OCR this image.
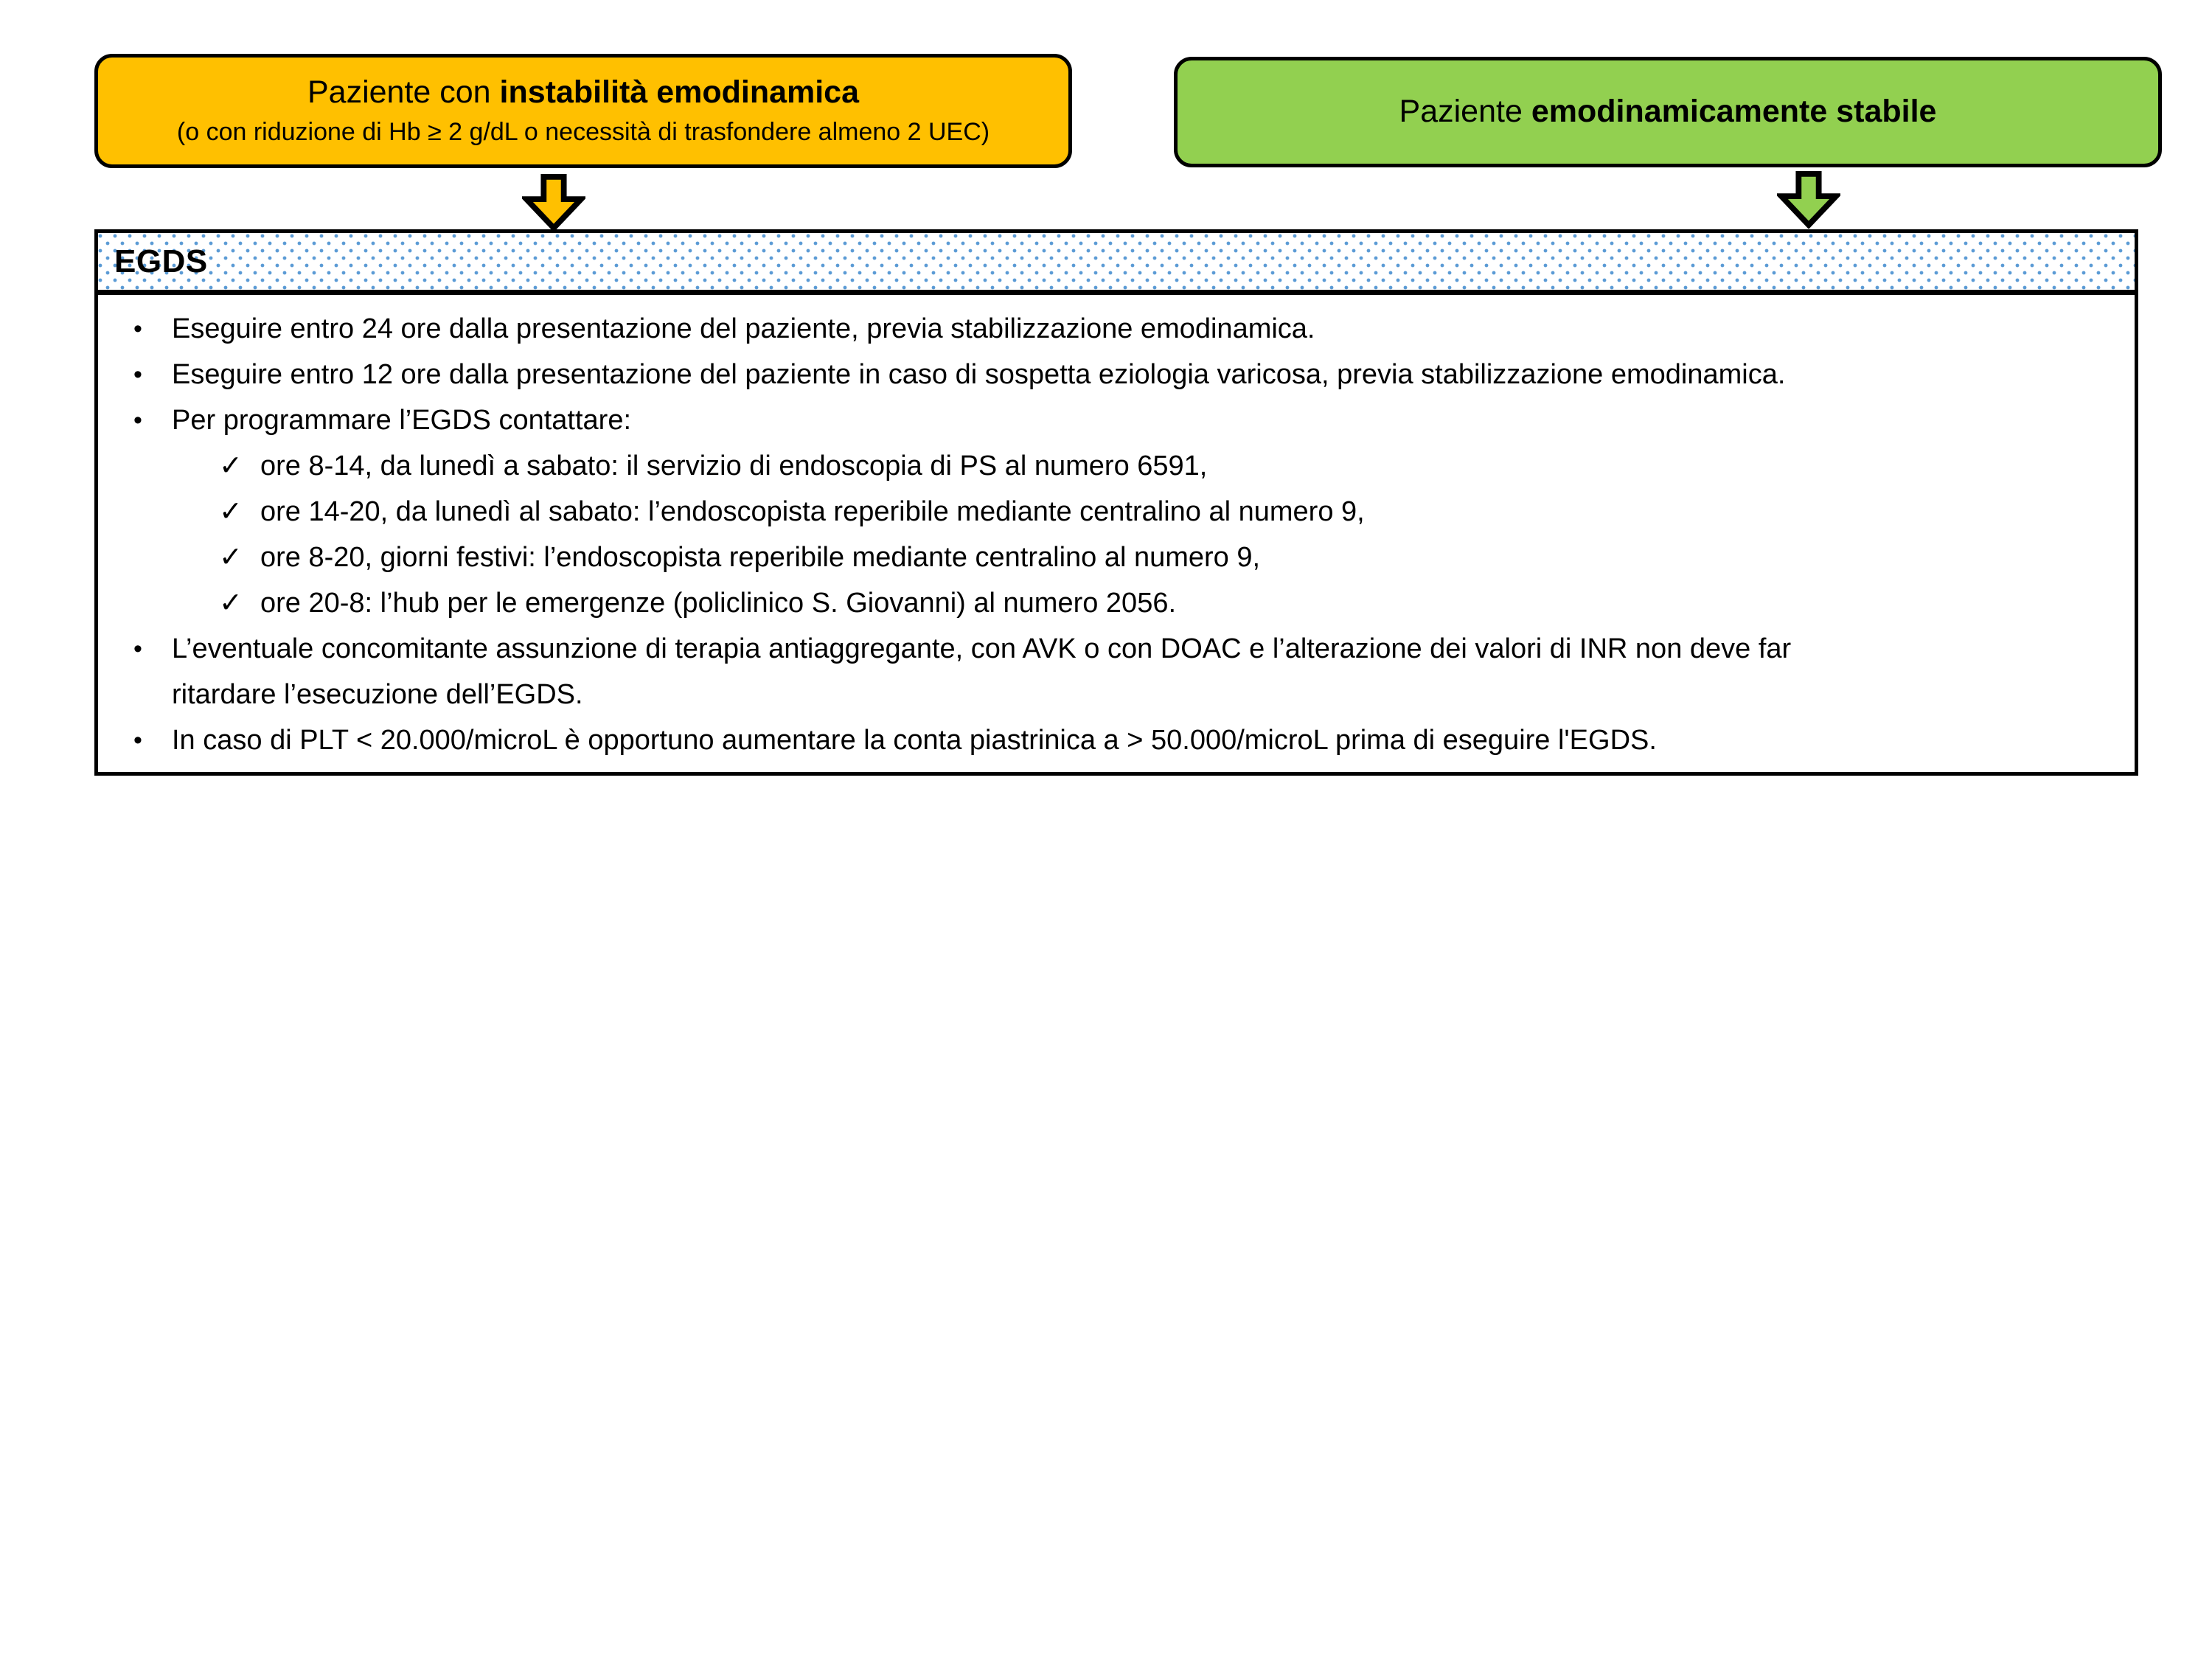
Paziente con instabilità emodinamica
(o con riduzione di Hb ≥ 2 g/dL o necessità di trasfondere almeno 2 UEC)
Paziente emodinamicamente stabile
EGDS
•	Eseguire entro 24 ore dalla presentazione del paziente, previa stabilizzazione emodinamica.
•	Eseguire entro 12 ore dalla presentazione del paziente in caso di sospetta eziologia varicosa, previa stabilizzazione emodinamica.
•	Per programmare l’EGDS contattare:
✓ ore 8-14, da lunedì a sabato: il servizio di endoscopia di PS al numero 6591,
✓ ore 14-20, da lunedì al sabato: l’endoscopista reperibile mediante centralino al numero 9,
✓ ore 8-20, giorni festivi: l’endoscopista reperibile mediante centralino al numero 9,
✓ ore 20-8: l’hub per le emergenze (policlinico S. Giovanni) al numero 2056.
•	L’eventuale concomitante assunzione di terapia antiaggregante, con AVK o con DOAC e l’alterazione dei valori di INR non deve far ritardare l’esecuzione dell’EGDS.
•	In caso di PLT < 20.000/microL è opportuno aumentare la conta piastrinica a > 50.000/microL prima di eseguire l'EGDS.
